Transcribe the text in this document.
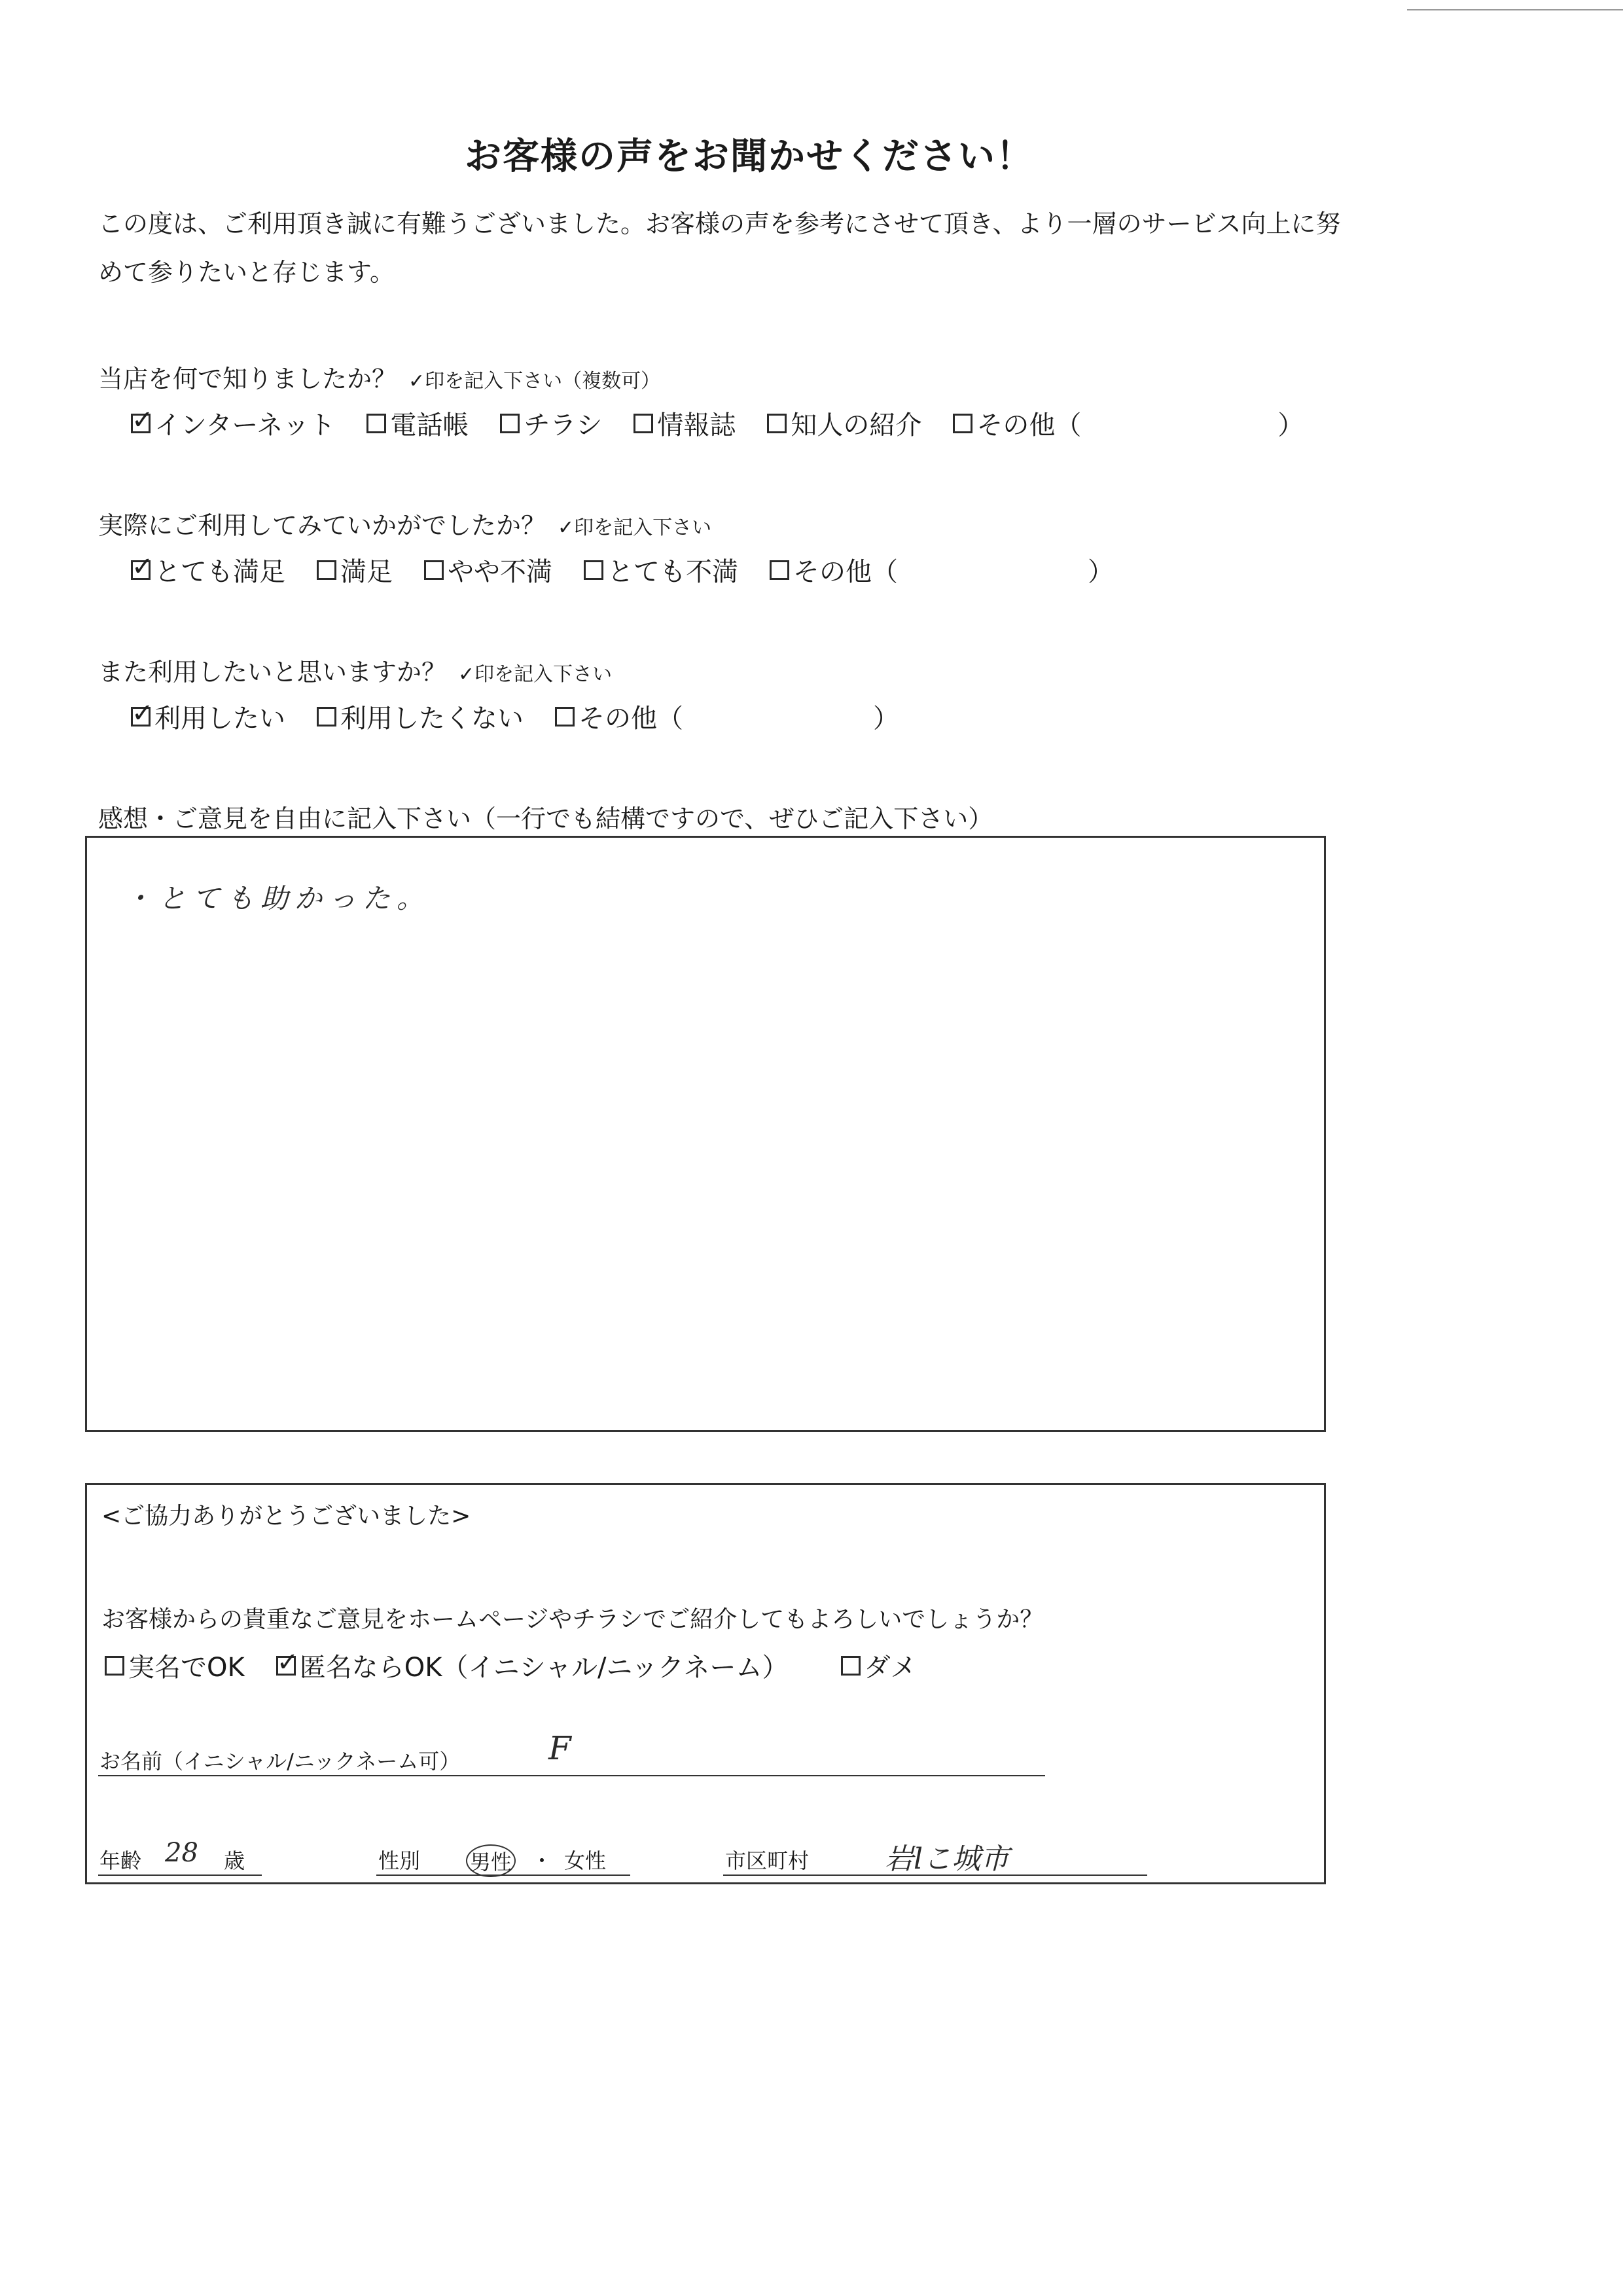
お客様の声をお聞かせください！
この度は、ご利用頂き誠に有難うございました。お客様の声を参考にさせて頂き、より一層のサービス向上に努
めて参りたいと存じます。
当店を何で知りましたか？ ✓印を記入下さい（複数可）
✓
インターネット 電話帳 チラシ 情報誌 知人の紹介 その他（	）
実際にご利用してみていかがでしたか？ ✓印を記入下さい
✓
とても満足 満足 やや不満 とても不満 その他（	）
また利用したいと思いますか？ ✓印を記入下さい
✓
利用したい 利用したくない その他（	）
感想・ご意見を自由に記入下さい（一行でも結構ですので、ぜひご記入下さい）
・とても助かった。
<ご協力ありがとうございました>
お客様からの貴重なご意見をホームページやチラシでご紹介してもよろしいでしょうか？
実名でOK
✓ 匿名ならOK（イニシャル/ニックネーム）	ダメ
お名前（イニシャル/ニックネーム可）	F
年齢 28 歳	性別 男性 ・ 女性	市区町村	岩lこ城市
